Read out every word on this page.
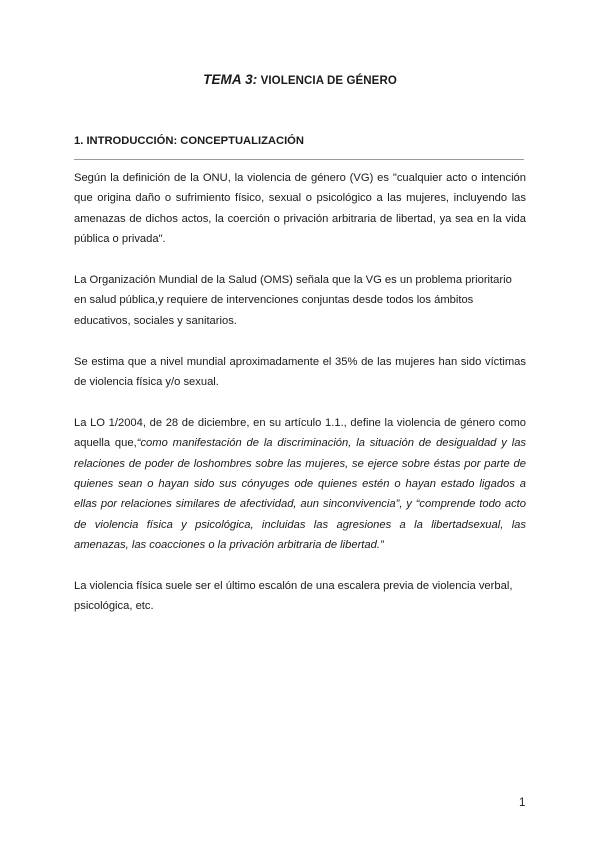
TEMA 3: VIOLENCIA DE GÉNERO
1. INTRODUCCIÓN: CONCEPTUALIZACIÓN

Según la definición de la ONU, la violencia de género (VG) es "cualquier acto o intención que origina daño o sufrimiento físico, sexual o psicológico a las mujeres, incluyendo las amenazas de dichos actos, la coerción o privación arbitraria de libertad, ya sea en la vida pública o privada".

La Organización Mundial de la Salud (OMS) señala que la VG es un problema prioritario en salud pública,y requiere de intervenciones conjuntas desde todos los ámbitos educativos, sociales y sanitarios.

Se estima que a nivel mundial aproximadamente el 35% de las mujeres han sido víctimas de violencia física y/o sexual.

La LO 1/2004, de 28 de diciembre, en su artículo 1.1., define la violencia de género como aquella que,“como manifestación de la discriminación, la situación de desigualdad y las relaciones de poder de loshombres sobre las mujeres, se ejerce sobre éstas por parte de quienes sean o hayan sido sus cónyuges ode quienes estén o hayan estado ligados a ellas por relaciones similares de afectividad, aun sinconvivencia”, y “comprende todo acto de violencia física y psicológica, incluidas las agresiones a la libertadsexual, las amenazas, las coacciones o la privación arbitraria de libertad.”

La violencia física suele ser el último escalón de una escalera previa de violencia verbal, psicológica, etc.

1
